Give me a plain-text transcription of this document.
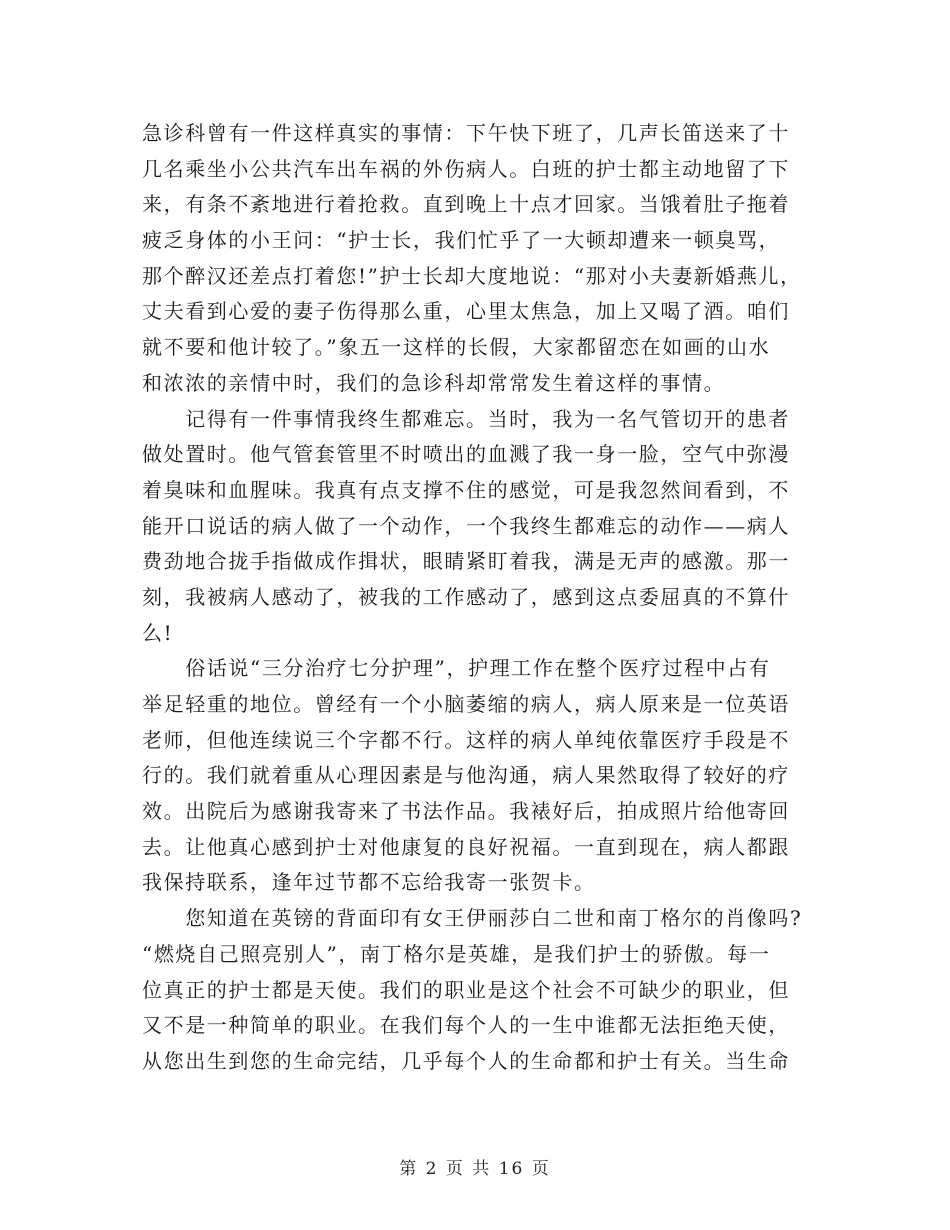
急诊科曾有一件这样真实的事情：下午快下班了，几声长笛送来了十
几名乘坐小公共汽车出车祸的外伤病人。白班的护士都主动地留了下
来，有条不紊地进行着抢救。直到晚上十点才回家。当饿着肚子拖着
疲乏身体的小王问：“护士长，我们忙乎了一大顿却遭来一顿臭骂，
那个醉汉还差点打着您!”护士长却大度地说：“那对小夫妻新婚燕儿，
丈夫看到心爱的妻子伤得那么重，心里太焦急，加上又喝了酒。咱们
就不要和他计较了。”象五一这样的长假，大家都留恋在如画的山水
和浓浓的亲情中时，我们的急诊科却常常发生着这样的事情。
　　记得有一件事情我终生都难忘。当时，我为一名气管切开的患者
做处置时。他气管套管里不时喷出的血溅了我一身一脸，空气中弥漫
着臭味和血腥味。我真有点支撑不住的感觉，可是我忽然间看到，不
能开口说话的病人做了一个动作，一个我终生都难忘的动作——病人
费劲地合拢手指做成作揖状，眼睛紧盯着我，满是无声的感激。那一
刻，我被病人感动了，被我的工作感动了，感到这点委屈真的不算什
么!
　　俗话说“三分治疗七分护理”，护理工作在整个医疗过程中占有
举足轻重的地位。曾经有一个小脑萎缩的病人，病人原来是一位英语
老师，但他连续说三个字都不行。这样的病人单纯依靠医疗手段是不
行的。我们就着重从心理因素是与他沟通，病人果然取得了较好的疗
效。出院后为感谢我寄来了书法作品。我裱好后，拍成照片给他寄回
去。让他真心感到护士对他康复的良好祝福。一直到现在，病人都跟
我保持联系，逢年过节都不忘给我寄一张贺卡。
　　您知道在英镑的背面印有女王伊丽莎白二世和南丁格尔的肖像吗?
“燃烧自己照亮别人”，南丁格尔是英雄，是我们护士的骄傲。每一
位真正的护士都是天使。我们的职业是这个社会不可缺少的职业，但
又不是一种简单的职业。在我们每个人的一生中谁都无法拒绝天使，
从您出生到您的生命完结，几乎每个人的生命都和护士有关。当生命
第 2 页 共 16 页
